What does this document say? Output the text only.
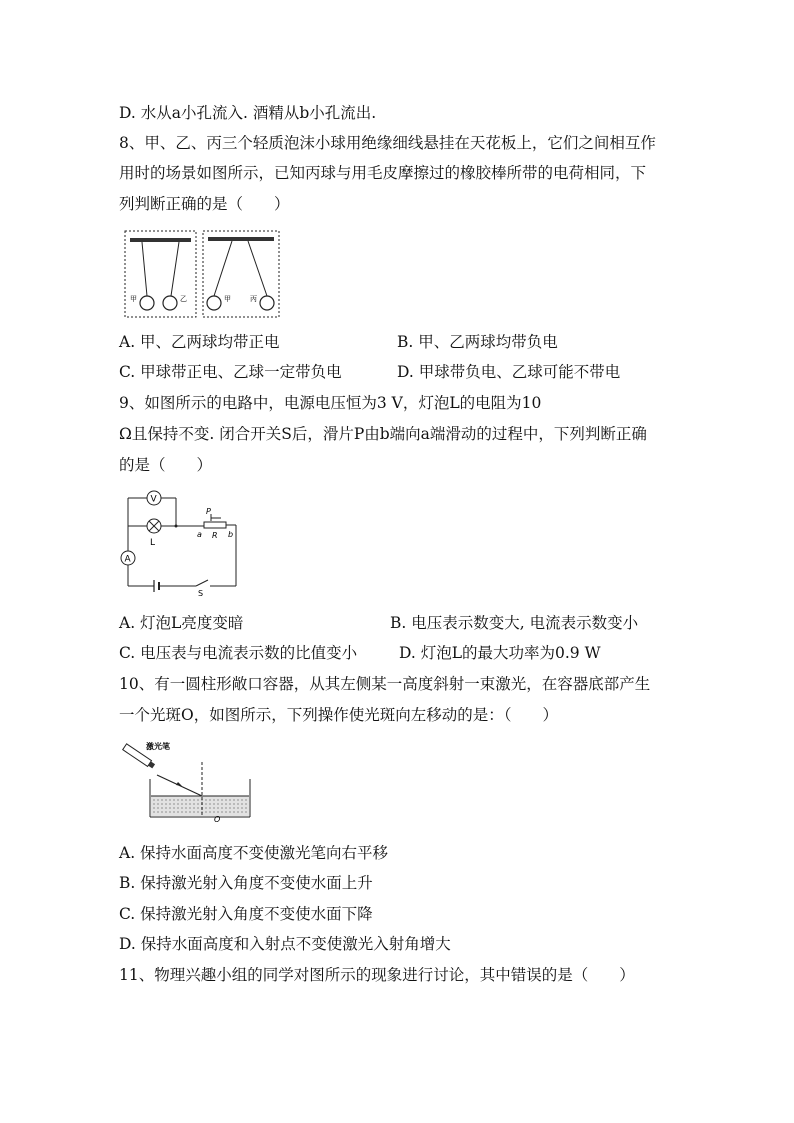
D. 水从a小孔流入. 酒精从b小孔流出.
8、甲、乙、丙三个轻质泡沫小球用绝缘细线悬挂在天花板上，它们之间相互作
用时的场景如图所示，已知丙球与用毛皮摩擦过的橡胶棒所带的电荷相同，下
列判断正确的是（　　）
甲	乙	甲	丙
A. 甲、乙两球均带正电	B. 甲、乙两球均带负电
C. 甲球带正电、乙球一定带负电	D. 甲球带负电、乙球可能不带电
9、如图所示的电路中，电源电压恒为3 V，灯泡L的电阻为10
Ω且保持不变. 闭合开关S后，滑片P由b端向a端滑动的过程中，下列判断正确
的是（　　）
V
A
L
P
a R b
S
A. 灯泡L亮度变暗	B. 电压表示数变大, 电流表示数变小
C. 电压表与电流表示数的比值变小	D. 灯泡L的最大功率为0.9 W
10、有一圆柱形敞口容器，从其左侧某一高度斜射一束激光，在容器底部产生
一个光斑O，如图所示，下列操作使光斑向左移动的是：（　　）
激光笔
O
A. 保持水面高度不变使激光笔向右平移
B. 保持激光射入角度不变使水面上升
C. 保持激光射入角度不变使水面下降
D. 保持水面高度和入射点不变使激光入射角增大
11、物理兴趣小组的同学对图所示的现象进行讨论，其中错误的是（　　）
